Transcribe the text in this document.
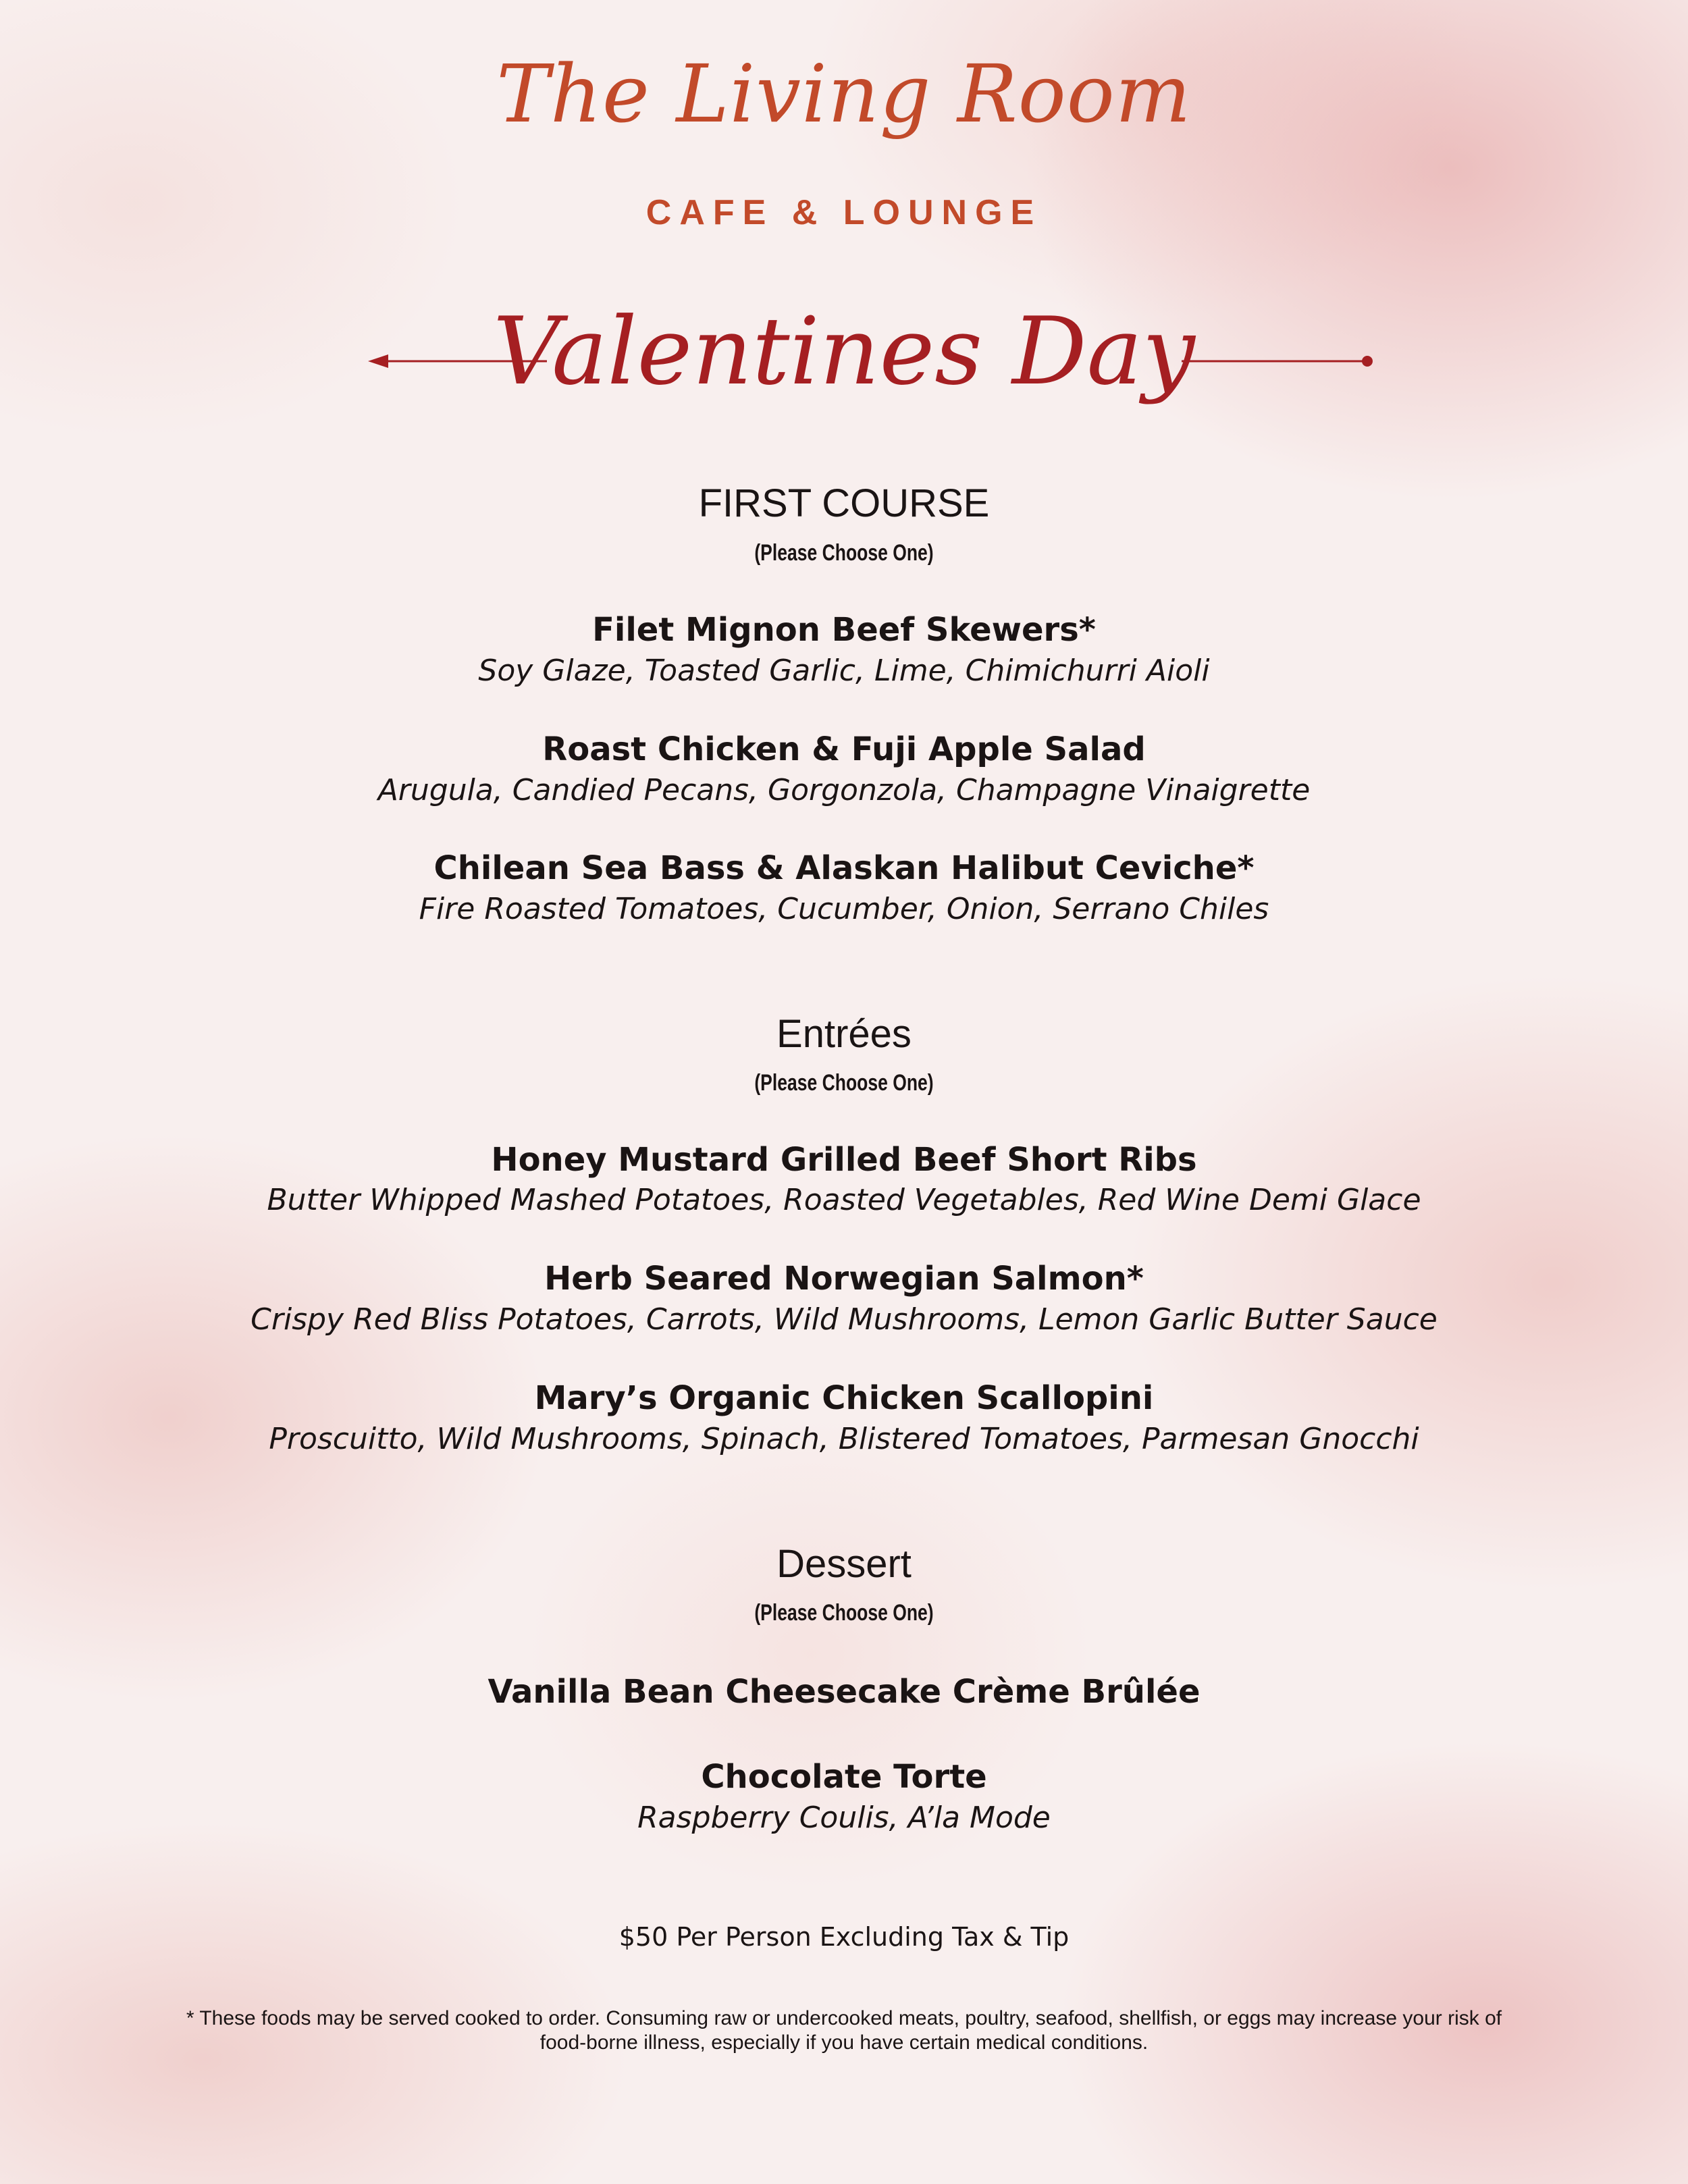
The Living Room
CAFE & LOUNGE
Valentines Day
FIRST COURSE
(Please Choose One)
Filet Mignon Beef Skewers*
Soy Glaze, Toasted Garlic, Lime, Chimichurri Aioli
Roast Chicken & Fuji Apple Salad
Arugula, Candied Pecans, Gorgonzola, Champagne Vinaigrette
Chilean Sea Bass & Alaskan Halibut Ceviche*
Fire Roasted Tomatoes, Cucumber, Onion, Serrano Chiles
Entrées
(Please Choose One)
Honey Mustard Grilled Beef Short Ribs
Butter Whipped Mashed Potatoes, Roasted Vegetables, Red Wine Demi Glace
Herb Seared Norwegian Salmon*
Crispy Red Bliss Potatoes, Carrots, Wild Mushrooms, Lemon Garlic Butter Sauce
Mary’s Organic Chicken Scallopini
Proscuitto, Wild Mushrooms, Spinach, Blistered Tomatoes, Parmesan Gnocchi
Dessert
(Please Choose One)
Vanilla Bean Cheesecake Crème Brûlée
Chocolate Torte
Raspberry Coulis, A’la Mode
$50 Per Person Excluding Tax & Tip
* These foods may be served cooked to order. Consuming raw or undercooked meats, poultry, seafood, shellfish, or eggs may increase your risk of
food-borne illness, especially if you have certain medical conditions.
